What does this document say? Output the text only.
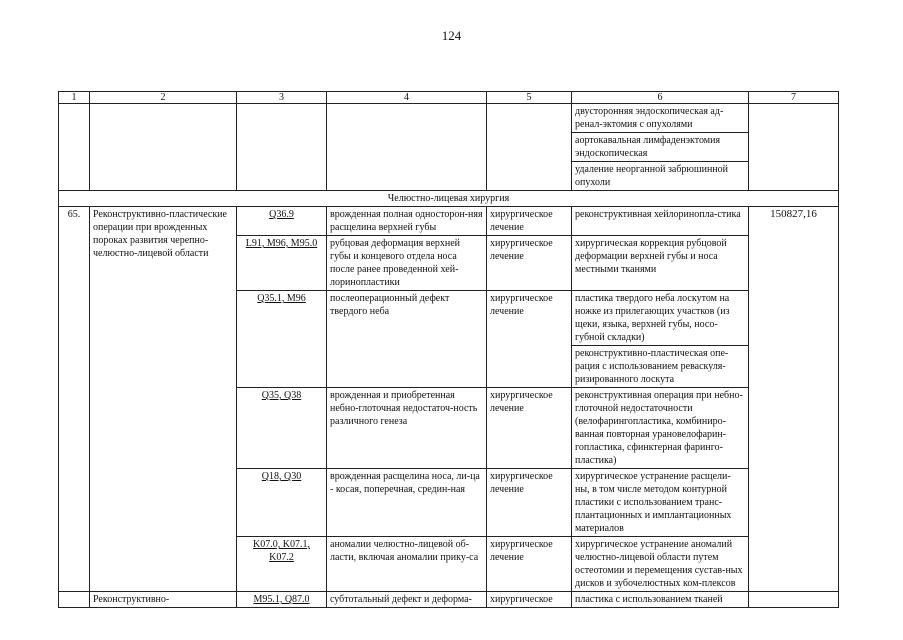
124
1	2	3	4	5	6	7
					двусторонняя эндоскопическая ад-ренал-эктомия с опухолями	
					аортокавальная лимфаденэктомия эндоскопическая	
					удаление неорганной забрюшинной опухоли	
Челюстно-лицевая хирургия						
65.	Реконструктивно-пластические операции при врожденных пороках развития черепно-челюстно-лицевой области	Q36.9	врожденная полная односторон-няя расщелина верхней губы	хирургическое лечение	реконструктивная хейлоринопла-стика	150827,16
		L91, M96, M95.0	рубцовая деформация верхней губы и концевого отдела носа после ранее проведенной хей-лоринопластики	хирургическое лечение	хирургическая коррекция рубцовой деформации верхней губы и носа местными тканями	
		Q35.1, M96	послеоперационный дефект твердого неба	хирургическое лечение	пластика твердого неба лоскутом на ножке из прилегающих участков (из щеки, языка, верхней губы, носо-губной складки)	
					реконструктивно-пластическая опе-рация с использованием реваскуля-ризированного лоскута	
		Q35, Q38	врожденная и приобретенная небно-глоточная недостаточ-ность различного генеза	хирургическое лечение	реконструктивная операция при небно-глоточной недостаточности (велофарингопластика, комбиниро-ванная повторная урановелофарин-гопластика, сфинктерная фаринго-пластика)	
		Q18, Q30	врожденная расщелина носа, ли-ца - косая, поперечная, средин-ная	хирургическое лечение	хирургическое устранение расщели-ны, в том числе методом контурной пластики с использованием транс-плантационных и имплантационных материалов	
		K07.0, K07.1, K07.2	аномалии челюстно-лицевой об-ласти, включая аномалии прику-са	хирургическое лечение	хирургическое устранение аномалий челюстно-лицевой области путем остеотомии и перемещения сустав-ных дисков и зубочелюстных ком-плексов	
	Реконструктивно-	M95.1, Q87.0	субтотальный дефект и деформа-	хирургическое	пластика с использованием тканей	
